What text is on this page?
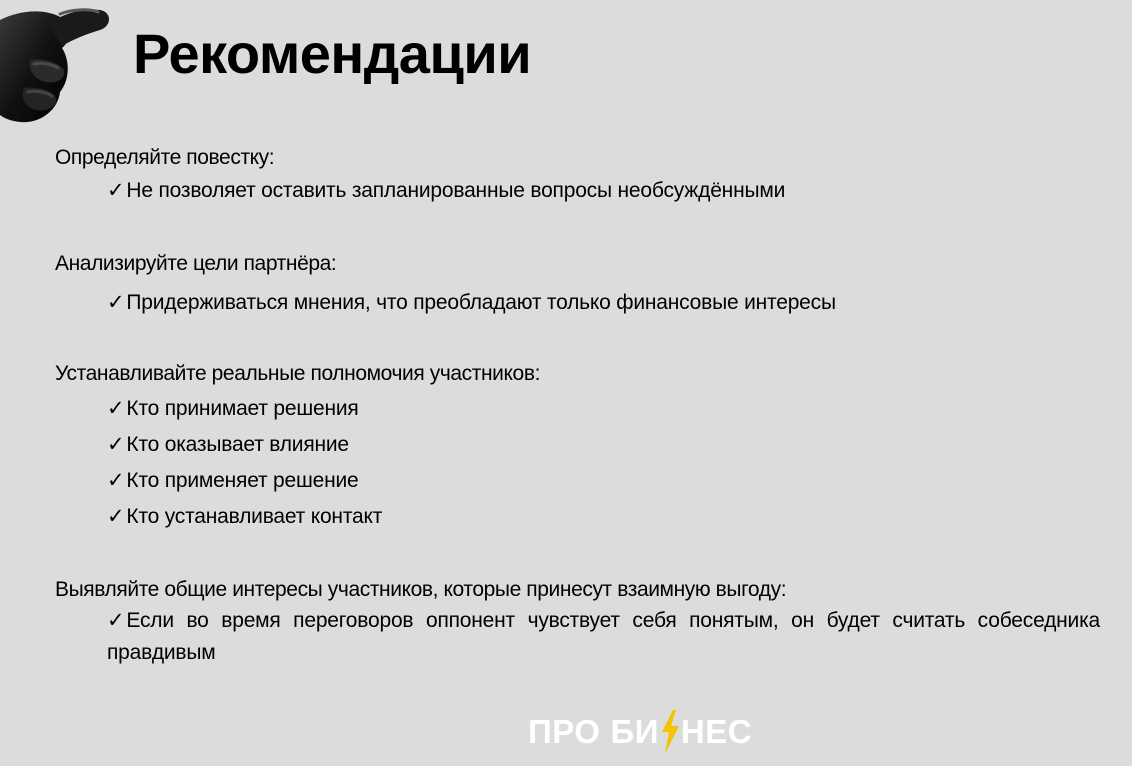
Рекомендации

Определяйте повестку:

✓Не позволяет оставить запланированные вопросы необсуждёнными

Анализируйте цели партнёра:

✓Придерживаться мнения, что преобладают только финансовые интересы

Устанавливайте реальные полномочия участников:

✓Кто принимает решения
✓Кто оказывает влияние
✓Кто применяет решение
✓Кто устанавливает контакт

Выявляйте общие интересы участников, которые принесут взаимную выгоду:

✓Если во время переговоров оппонент чувствует себя понятым, он будет считать собеседника правдивым
ПРО БИ НЕС
